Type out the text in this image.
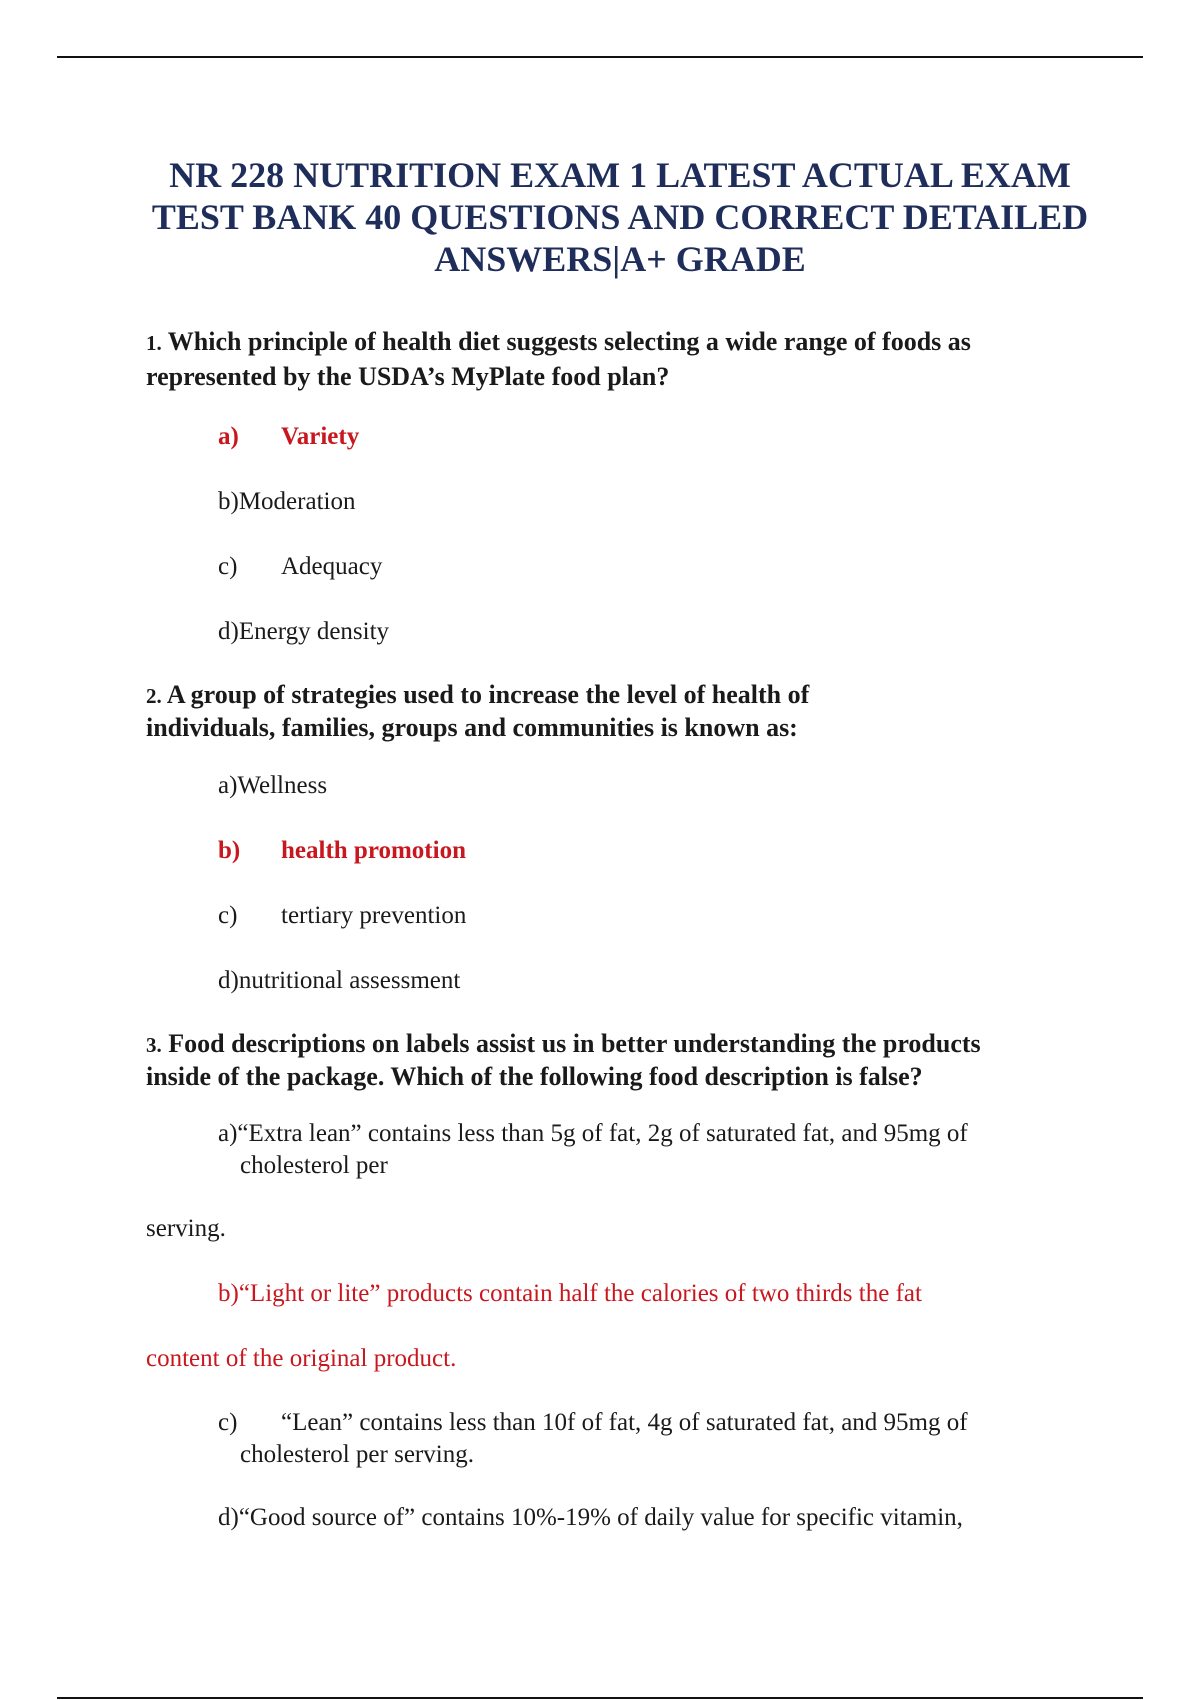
NR 228 NUTRITION EXAM 1 LATEST ACTUAL EXAM
TEST BANK 40 QUESTIONS AND CORRECT DETAILED
ANSWERS|A+ GRADE
1. Which principle of health diet suggests selecting a wide range of foods as
represented by the USDA’s MyPlate food plan?
a) Variety
b)Moderation
c) Adequacy
d)Energy density
2. A group of strategies used to increase the level of health of
individuals, families, groups and communities is known as:
a)Wellness
b) health promotion
c) tertiary prevention
d)nutritional assessment
3. Food descriptions on labels assist us in better understanding the products
inside of the package. Which of the following food description is false?
a)“Extra lean” contains less than 5g of fat, 2g of saturated fat, and 95mg of cholesterol per
serving.
b)“Light or lite” products contain half the calories of two thirds the fat
content of the original product.
c) “Lean” contains less than 10f of fat, 4g of saturated fat, and 95mg of cholesterol per serving.
d)“Good source of” contains 10%-19% of daily value for specific vitamin,
